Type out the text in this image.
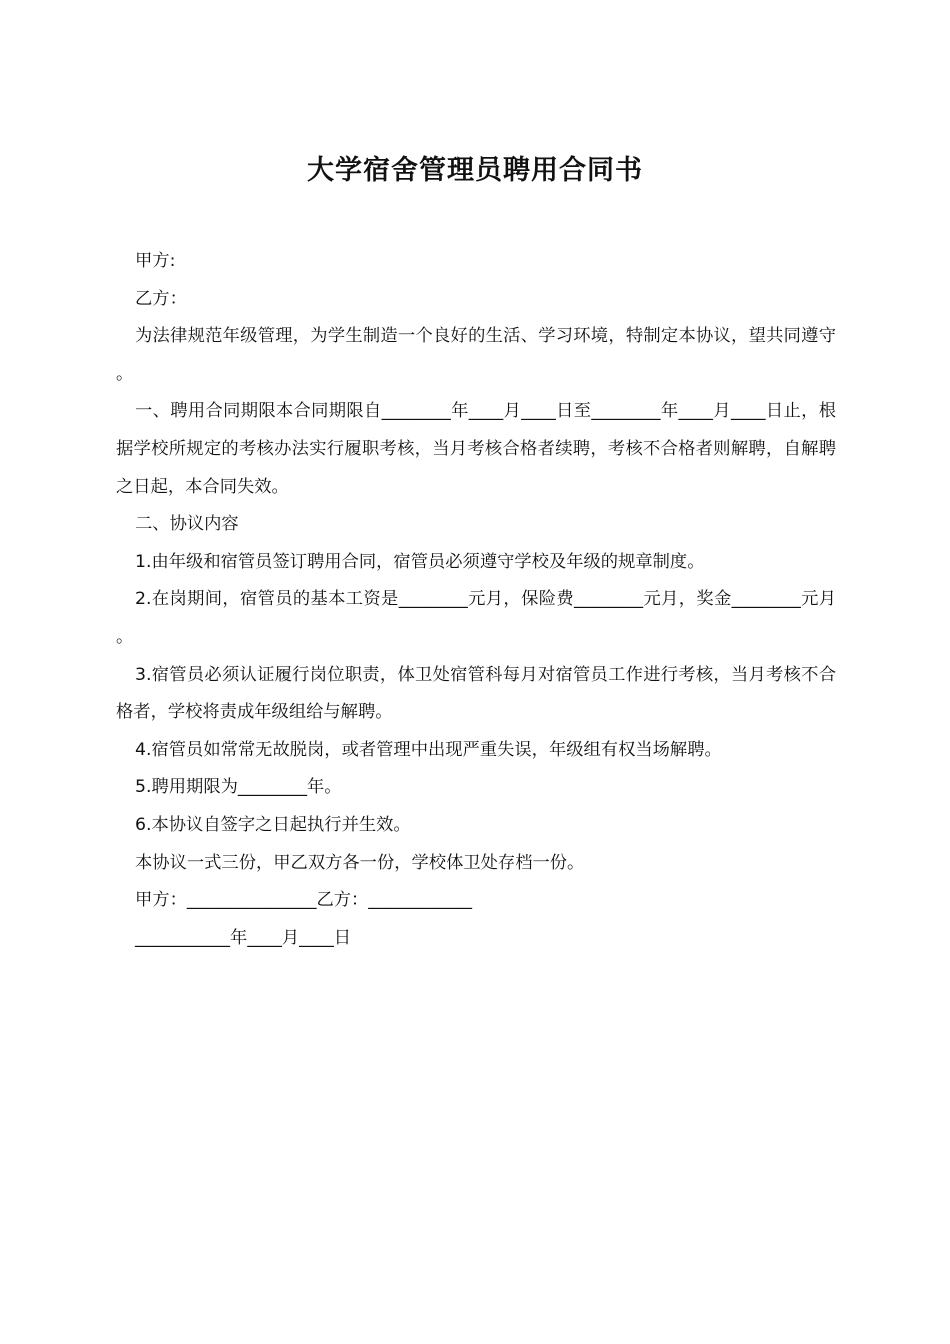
大学宿舍管理员聘用合同书

甲方:

乙方：

为法律规范年级管理，为学生制造一个良好的生活、学习环境，特制定本协议，望共同遵守。

一、聘用合同期限本合同期限自________年____月____日至________年____月____日止，根据学校所规定的考核办法实行履职考核，当月考核合格者续聘，考核不合格者则解聘，自解聘之日起，本合同失效。

二、协议内容

1.由年级和宿管员签订聘用合同，宿管员必须遵守学校及年级的规章制度。

2.在岗期间，宿管员的基本工资是________元月，保险费________元月，奖金________元月。

3.宿管员必须认证履行岗位职责，体卫处宿管科每月对宿管员工作进行考核，当月考核不合格者，学校将责成年级组给与解聘。

4.宿管员如常常无故脱岗，或者管理中出现严重失误，年级组有权当场解聘。

5.聘用期限为________年。

6.本协议自签字之日起执行并生效。

本协议一式三份，甲乙双方各一份，学校体卫处存档一份。

甲方：_______________乙方：____________

___________年____月____日
